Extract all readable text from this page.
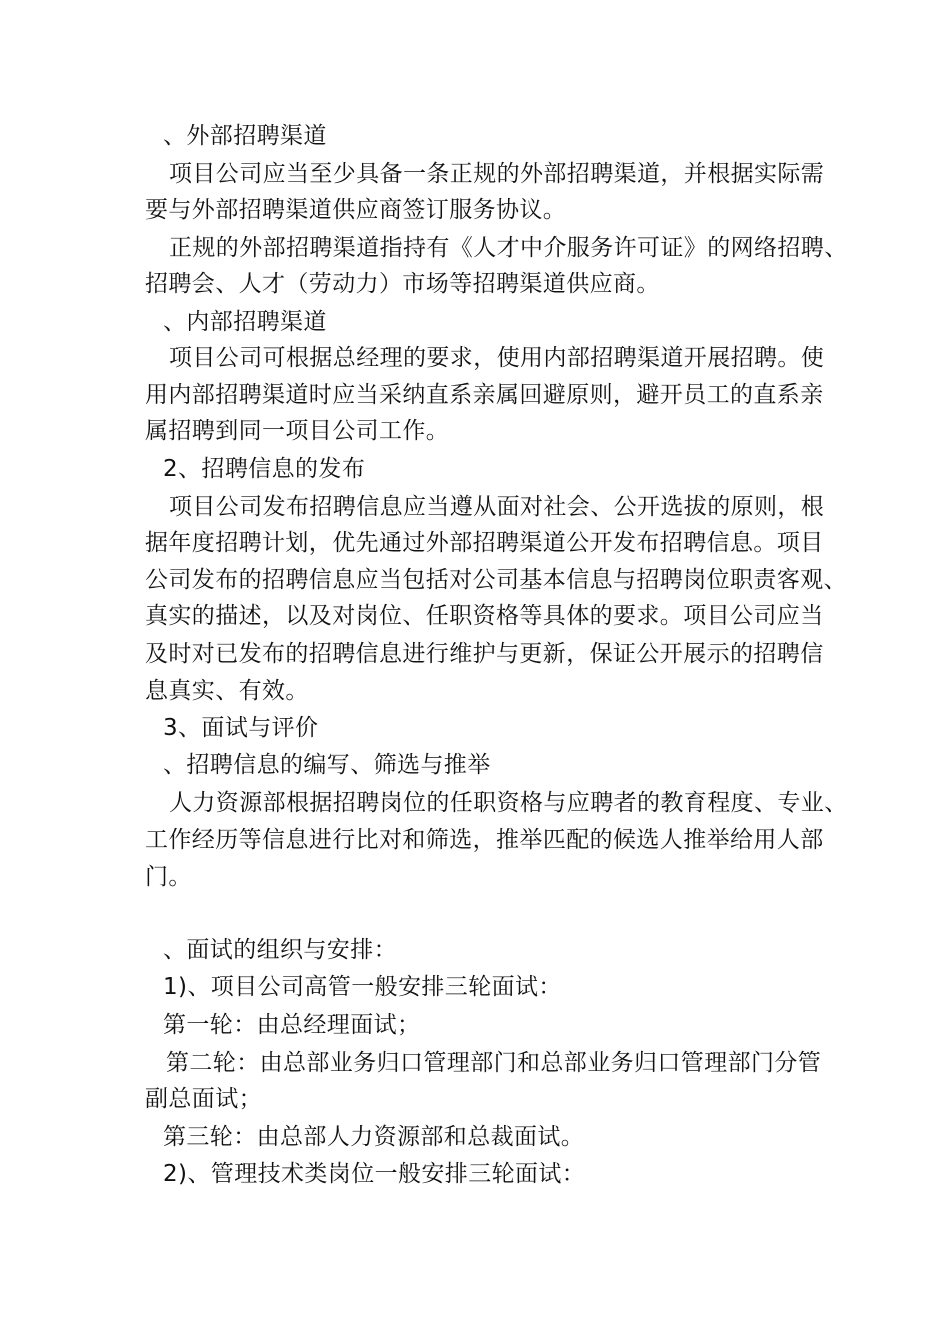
、外部招聘渠道
项目公司应当至少具备一条正规的外部招聘渠道，并根据实际需
要与外部招聘渠道供应商签订服务协议。
正规的外部招聘渠道指持有《人才中介服务许可证》的网络招聘、
招聘会、人才（劳动力）市场等招聘渠道供应商。
、内部招聘渠道
项目公司可根据总经理的要求，使用内部招聘渠道开展招聘。使
用内部招聘渠道时应当采纳直系亲属回避原则，避开员工的直系亲
属招聘到同一项目公司工作。
2、招聘信息的发布
项目公司发布招聘信息应当遵从面对社会、公开选拔的原则，根
据年度招聘计划，优先通过外部招聘渠道公开发布招聘信息。项目
公司发布的招聘信息应当包括对公司基本信息与招聘岗位职责客观、
真实的描述，以及对岗位、任职资格等具体的要求。项目公司应当
及时对已发布的招聘信息进行维护与更新，保证公开展示的招聘信
息真实、有效。
3、面试与评价
、招聘信息的编写、筛选与推举
人力资源部根据招聘岗位的任职资格与应聘者的教育程度、专业、
工作经历等信息进行比对和筛选，推举匹配的候选人推举给用人部
门。
、面试的组织与安排：
1)、项目公司高管一般安排三轮面试：
第一轮：由总经理面试；
第二轮：由总部业务归口管理部门和总部业务归口管理部门分管
副总面试；
第三轮：由总部人力资源部和总裁面试。
2)、管理技术类岗位一般安排三轮面试：
